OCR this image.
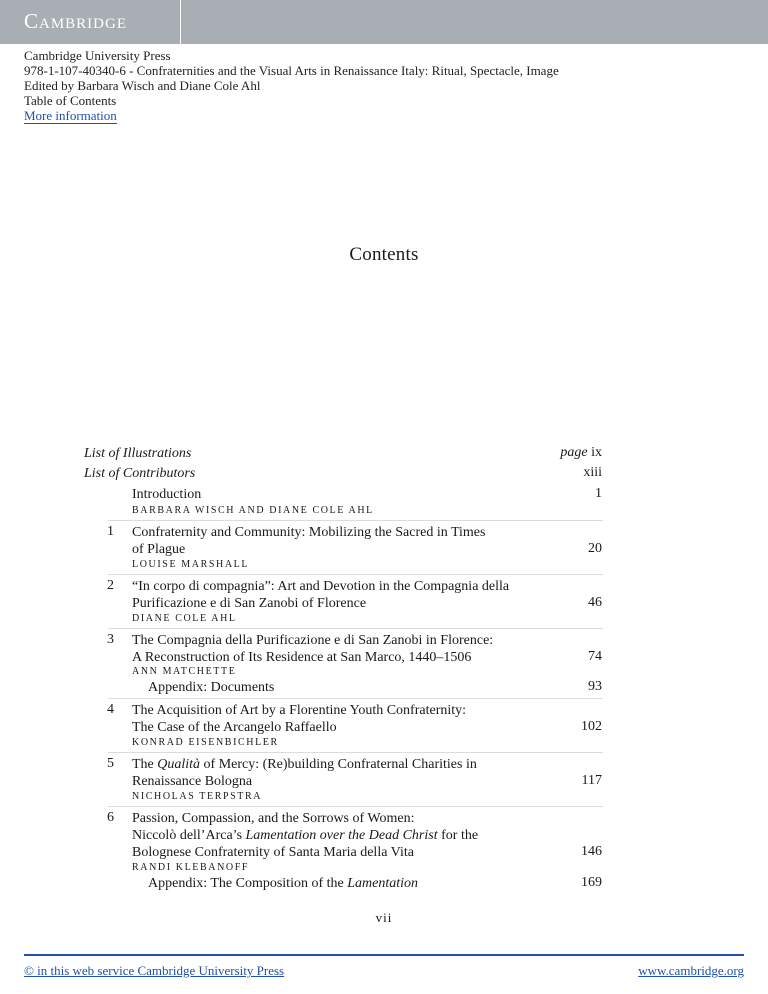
Cambridge
Cambridge University Press
978-1-107-40340-6 - Confraternities and the Visual Arts in Renaissance Italy: Ritual, Spectacle, Image
Edited by Barbara Wisch and Diane Cole Ahl
Table of Contents
More information
Contents
List of Illustrations	page ix
List of Contributors	xiii
Introduction	1
BARBARA WISCH AND DIANE COLE AHL
1 Confraternity and Community: Mobilizing the Sacred in Times
of Plague	20
LOUISE MARSHALL
2 “In corpo di compagnia”: Art and Devotion in the Compagnia della
Purificazione e di San Zanobi of Florence	46
DIANE COLE AHL
3 The Compagnia della Purificazione e di San Zanobi in Florence:
A Reconstruction of Its Residence at San Marco, 1440–1506	74
ANN MATCHETTE
Appendix: Documents	93
4 The Acquisition of Art by a Florentine Youth Confraternity:
The Case of the Arcangelo Raffaello	102
KONRAD EISENBICHLER
5 The Qualità of Mercy: (Re)building Confraternal Charities in
Renaissance Bologna	117
NICHOLAS TERPSTRA
6 Passion, Compassion, and the Sorrows of Women:
Niccolò dell’Arca’s Lamentation over the Dead Christ for the
Bolognese Confraternity of Santa Maria della Vita	146
RANDI KLEBANOFF
Appendix: The Composition of the Lamentation	169
vii
© in this web service Cambridge University Press	www.cambridge.org
